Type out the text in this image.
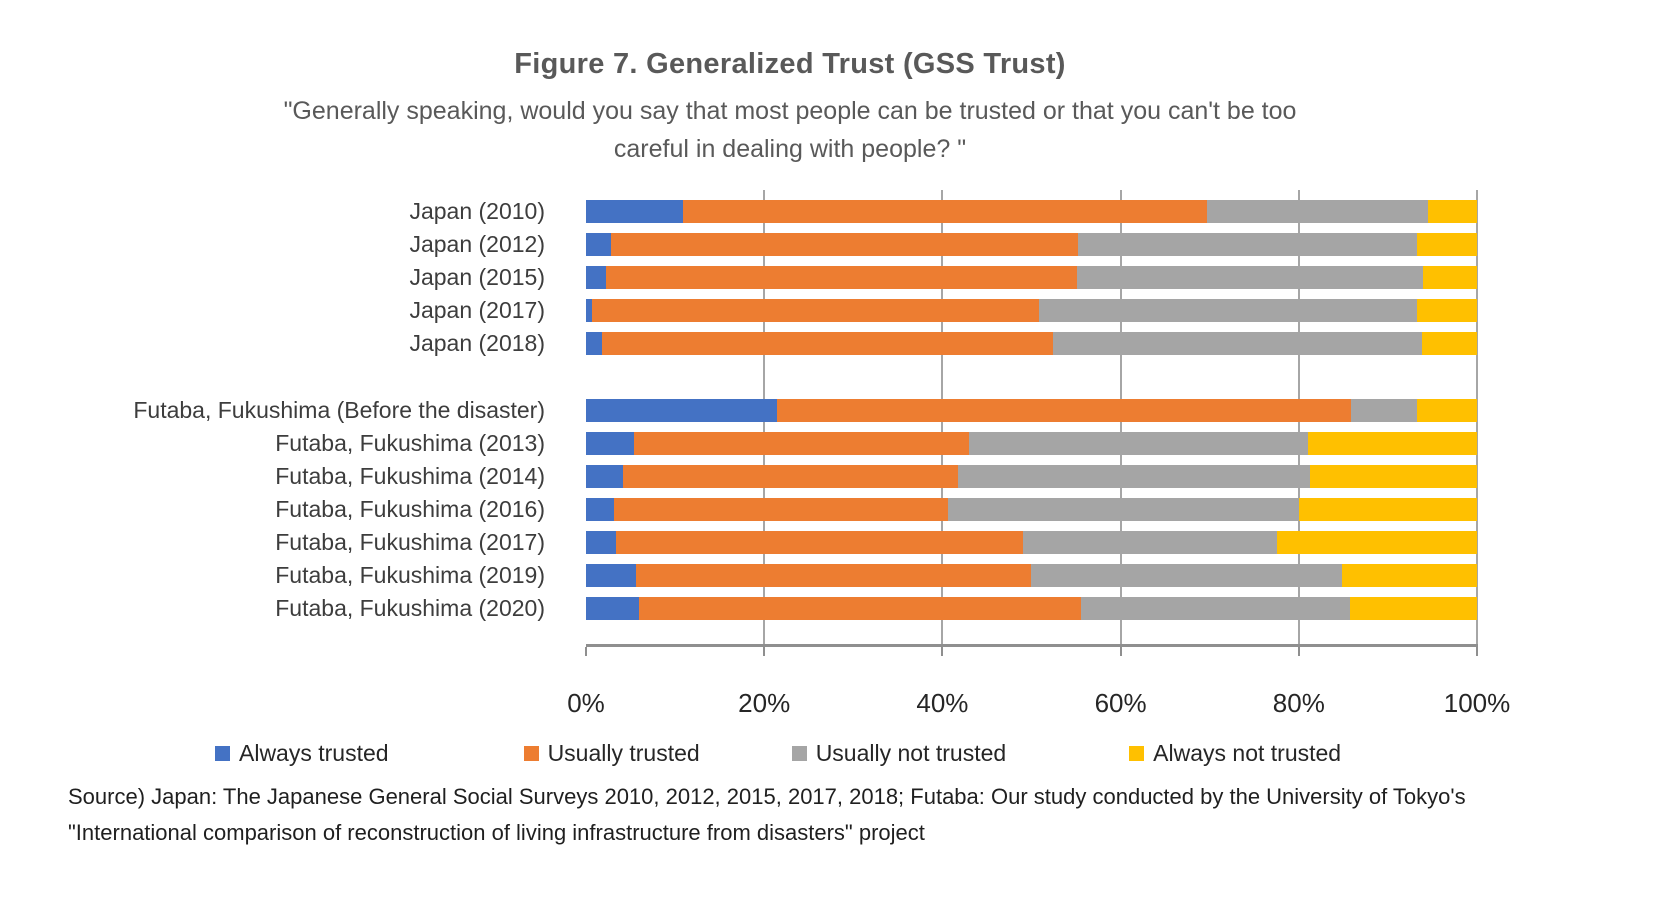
Figure 7. Generalized Trust (GSS Trust)
"Generally speaking, would you say that most people can be trusted or that you can't be too
careful in dealing with people? "
Japan (2010)
Japan (2012)
Japan (2015)
Japan (2017)
Japan (2018)
Futaba, Fukushima (Before the disaster)
Futaba, Fukushima (2013)
Futaba, Fukushima (2014)
Futaba, Fukushima (2016)
Futaba, Fukushima (2017)
Futaba, Fukushima (2019)
Futaba, Fukushima (2020)
0%	20%	40%	60%	80%	100%
Always trusted	Usually trusted	Usually not trusted	Always not trusted
Source) Japan: The Japanese General Social Surveys 2010, 2012, 2015, 2017, 2018; Futaba: Our study conducted by the University of Tokyo's
"International comparison of reconstruction of living infrastructure from disasters" project
